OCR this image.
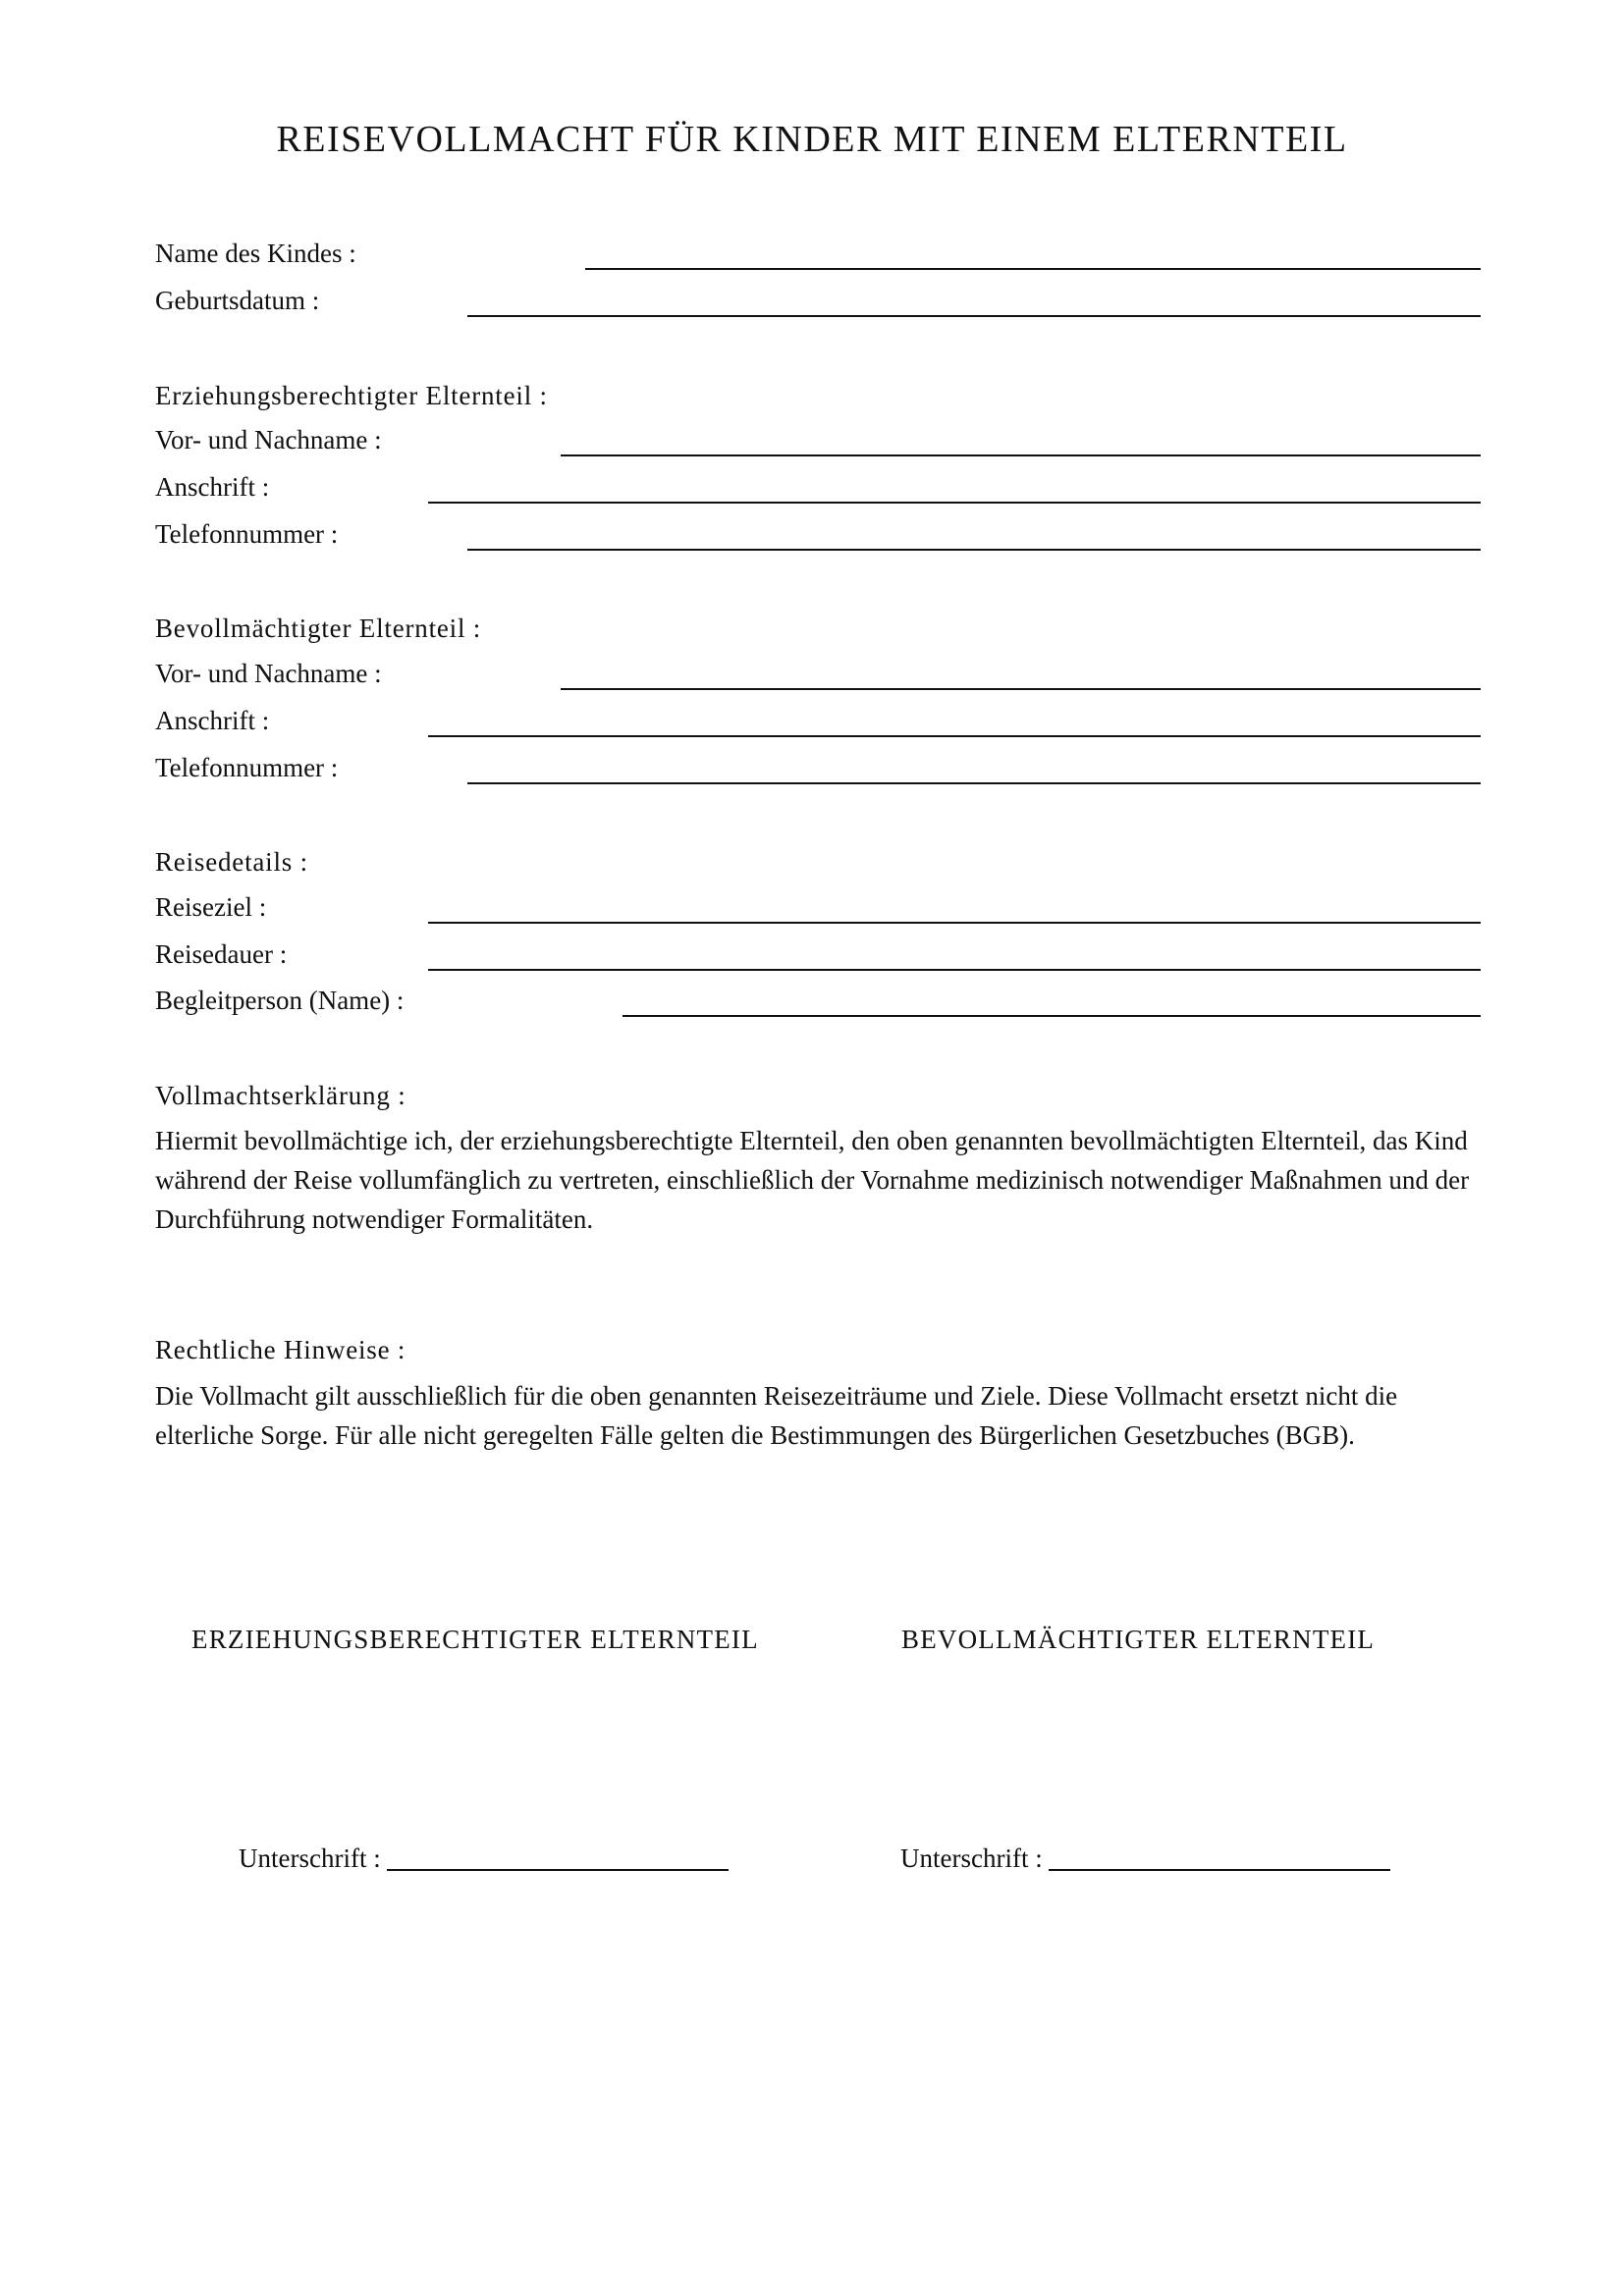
REISEVOLLMACHT FÜR KINDER MIT EINEM ELTERNTEIL
Name des Kindes :
Geburtsdatum :
Erziehungsberechtigter Elternteil :
Vor- und Nachname :
Anschrift :
Telefonnummer :
Bevollmächtigter Elternteil :
Vor- und Nachname :
Anschrift :
Telefonnummer :
Reisedetails :
Reiseziel :
Reisedauer :
Begleitperson (Name) :
Vollmachtserklärung :

Hiermit bevollmächtige ich, der erziehungsberechtigte Elternteil, den oben genannten bevollmächtigten Elternteil, das Kind während der Reise vollumfänglich zu vertreten, einschließlich der Vornahme medizinisch notwendiger Maßnahmen und der Durchführung notwendiger Formalitäten.

Rechtliche Hinweise :

Die Vollmacht gilt ausschließlich für die oben genannten Reisezeiträume und Ziele. Diese Vollmacht ersetzt nicht die elterliche Sorge. Für alle nicht geregelten Fälle gelten die Bestimmungen des Bürgerlichen Gesetzbuches (BGB).

ERZIEHUNGSBERECHTIGTER ELTERNTEIL	BEVOLLMÄCHTIGTER ELTERNTEIL
Unterschrift :	Unterschrift :
